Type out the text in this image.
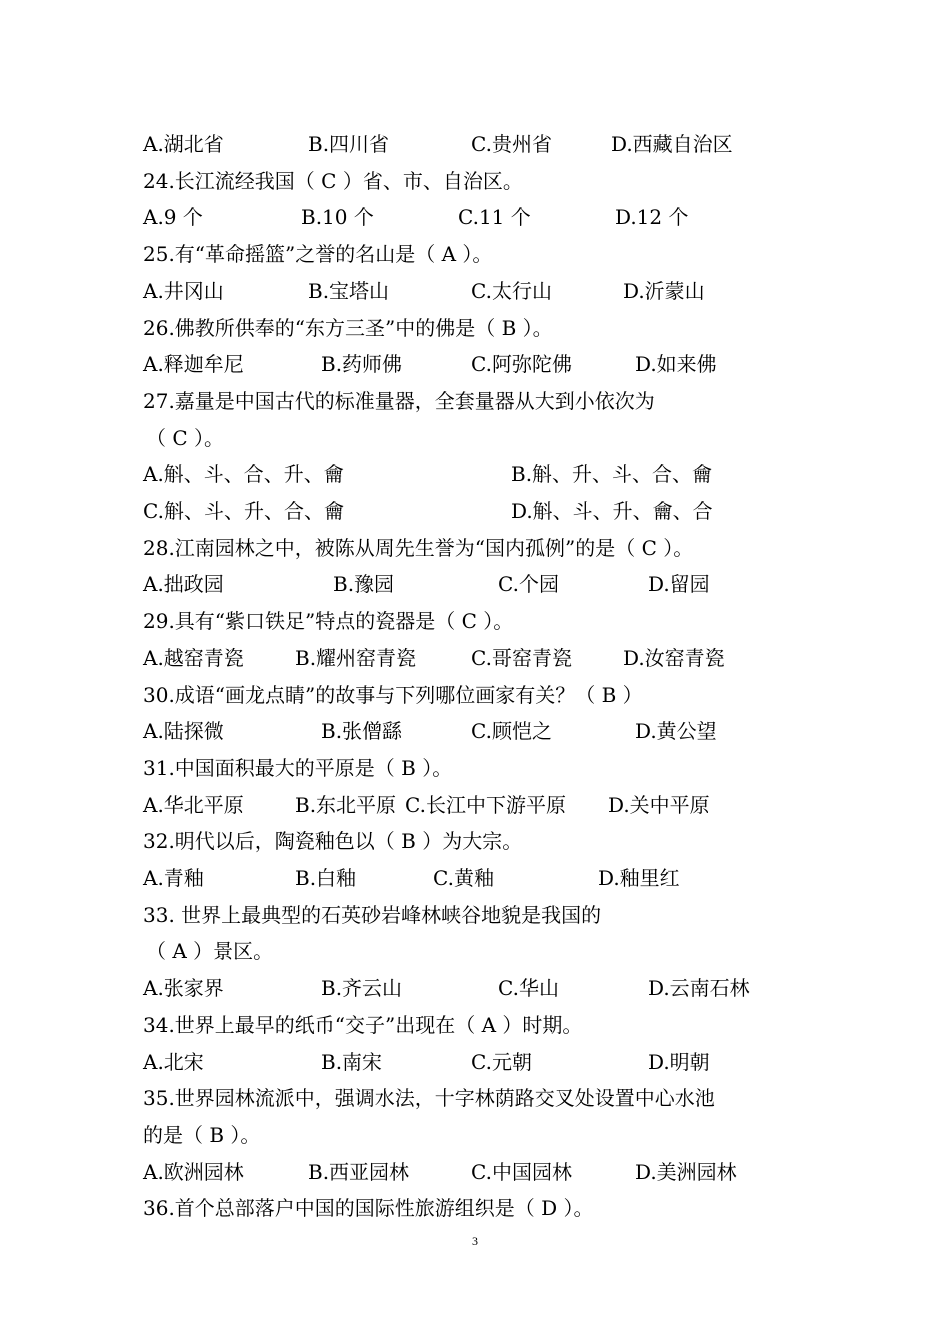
A.湖北省	B.四川省	C.贵州省	D.西藏自治区
24.长江流经我国（ C ）省、市、自治区。
A.9 个	B.10 个	C.11 个	D.12 个
25.有“革命摇篮”之誉的名山是（ A ）。
A.井冈山	B.宝塔山	C.太行山	D.沂蒙山
26.佛教所供奉的“东方三圣”中的佛是（ B ）。
A.释迦牟尼	B.药师佛	C.阿弥陀佛	D.如来佛
27.嘉量是中国古代的标准量器，全套量器从大到小依次为
（ C ）。
A.斛、斗、合、升、龠	B.斛、升、斗、合、龠
C.斛、斗、升、合、龠	D.斛、斗、升、龠、合
28.江南园林之中，被陈从周先生誉为“国内孤例”的是（ C ）。
A.拙政园	B.豫园	C.个园	D.留园
29.具有“紫口铁足”特点的瓷器是（ C ）。
A.越窑青瓷	B.耀州窑青瓷	C.哥窑青瓷	D.汝窑青瓷
30.成语“画龙点睛”的故事与下列哪位画家有关？（ B ）
A.陆探微	B.张僧繇	C.顾恺之	D.黄公望
31.中国面积最大的平原是（ B ）。
A.华北平原	B.东北平原 C.长江中下游平原 D.关中平原
32.明代以后，陶瓷釉色以（ B ）为大宗。
A.青釉	B.白釉	C.黄釉	D.釉里红
33. 世界上最典型的石英砂岩峰林峡谷地貌是我国的
（ A ）景区。
A.张家界	B.齐云山	C.华山	D.云南石林
34.世界上最早的纸币“交子”出现在（ A ）时期。
A.北宋	B.南宋	C.元朝	D.明朝
35.世界园林流派中，强调水法，十字林荫路交叉处设置中心水池
的是（ B ）。
A.欧洲园林	B.西亚园林	C.中国园林	D.美洲园林
36.首个总部落户中国的国际性旅游组织是（ D ）。
3
